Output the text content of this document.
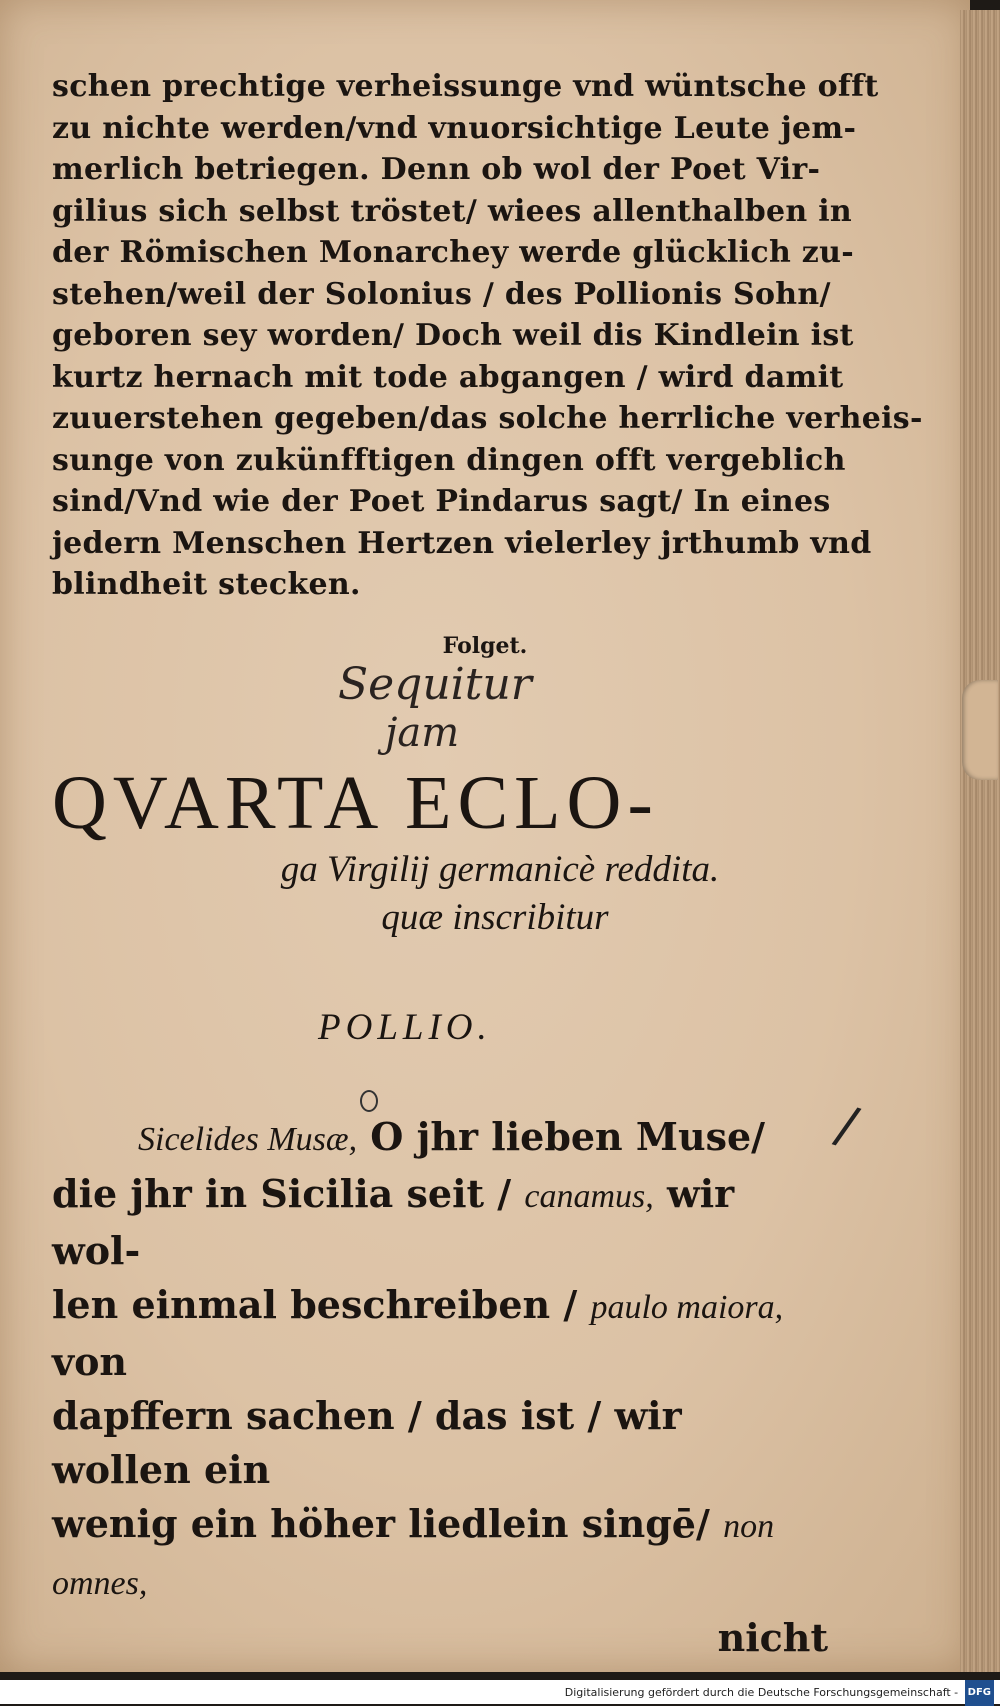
schen prechtige verheissunge vnd wüntsche offt
zu nichte werden/vnd vnuorsichtige Leute jem-
merlich betriegen. Denn ob wol der Poet Vir-
gilius sich selbst tröstet/ wiees allenthalben in
der Römischen Monarchey werde glücklich zu-
stehen/weil der Solonius / des Pollionis Sohn/
geboren sey worden/ Doch weil dis Kindlein ist
kurtz hernach mit tode abgangen / wird damit
zuuerstehen gegeben/das solche herrliche verheis-
sunge von zukünfftigen dingen offt vergeblich
sind/Vnd wie der Poet Pindarus sagt/ In eines
jedern Menschen Hertzen vielerley jrthumb vnd
blindheit stecken.
Folget.
Sequitur
jam
QVARTA ECLO-
ga Virgilij germanicè reddita.
quæ inscribitur
POLLIO.
/
Sicelides Musæ, O jhr lieben Muse/
die jhr in Sicilia seit / canamus, wir wol-
len einmal beschreiben / paulo maiora, von
dapffern sachen / das ist / wir wollen ein
wenig ein höher liedlein singē/ non omnes,
nicht
Digitalisierung gefördert durch die Deutsche Forschungsgemeinschaft - DFG
